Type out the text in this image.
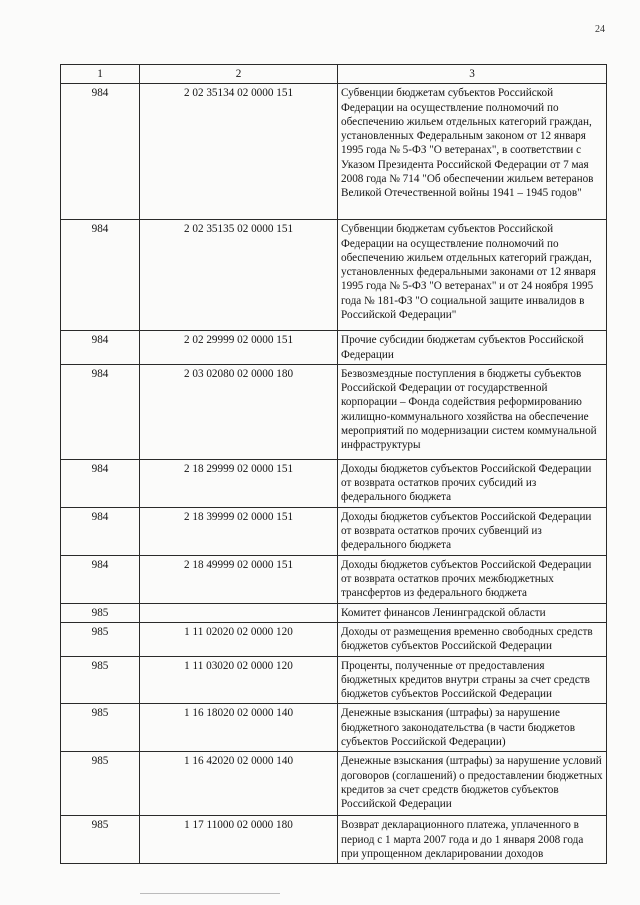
24
1	2	3
984	2 02 35134 02 0000 151	Субвенции бюджетам субъектов Российской Федерации на осуществление полномочий по обеспечению жильем отдельных категорий граждан, установленных Федеральным законом от 12 января 1995 года № 5-ФЗ "О ветеранах", в соответствии с Указом Президента Российской Федерации от 7 мая 2008 года № 714 "Об обеспечении жильем ветеранов Великой Отечественной войны 1941 – 1945 годов"
984	2 02 35135 02 0000 151	Субвенции бюджетам субъектов Российской Федерации на осуществление полномочий по обеспечению жильем отдельных категорий граждан, установленных федеральными законами от 12 января 1995 года № 5-ФЗ "О ветеранах" и от 24 ноября 1995 года № 181-ФЗ "О социальной защите инвалидов в Российской Федерации"
984	2 02 29999 02 0000 151	Прочие субсидии бюджетам субъектов Российской Федерации
984	2 03 02080 02 0000 180	Безвозмездные поступления в бюджеты субъектов Российской Федерации от государственной корпорации – Фонда содействия реформированию жилищно-коммунального хозяйства на обеспечение мероприятий по модернизации систем коммунальной инфраструктуры
984	2 18 29999 02 0000 151	Доходы бюджетов субъектов Российской Федерации от возврата остатков прочих субсидий из федерального бюджета
984	2 18 39999 02 0000 151	Доходы бюджетов субъектов Российской Федерации от возврата остатков прочих субвенций из федерального бюджета
984	2 18 49999 02 0000 151	Доходы бюджетов субъектов Российской Федерации от возврата остатков прочих межбюджетных трансфертов из федерального бюджета
985		Комитет финансов Ленинградской области
985	1 11 02020 02 0000 120	Доходы от размещения временно свободных средств бюджетов субъектов Российской Федерации
985	1 11 03020 02 0000 120	Проценты, полученные от предоставления бюджетных кредитов внутри страны за счет средств бюджетов субъектов Российской Федерации
985	1 16 18020 02 0000 140	Денежные взыскания (штрафы) за нарушение бюджетного законодательства (в части бюджетов субъектов Российской Федерации)
985	1 16 42020 02 0000 140	Денежные взыскания (штрафы) за нарушение условий договоров (соглашений) о предоставлении бюджетных кредитов за счет средств бюджетов субъектов Российской Федерации
985	1 17 11000 02 0000 180	Возврат декларационного платежа, уплаченного в период с 1 марта 2007 года и до 1 января 2008 года при упрощенном декларировании доходов
